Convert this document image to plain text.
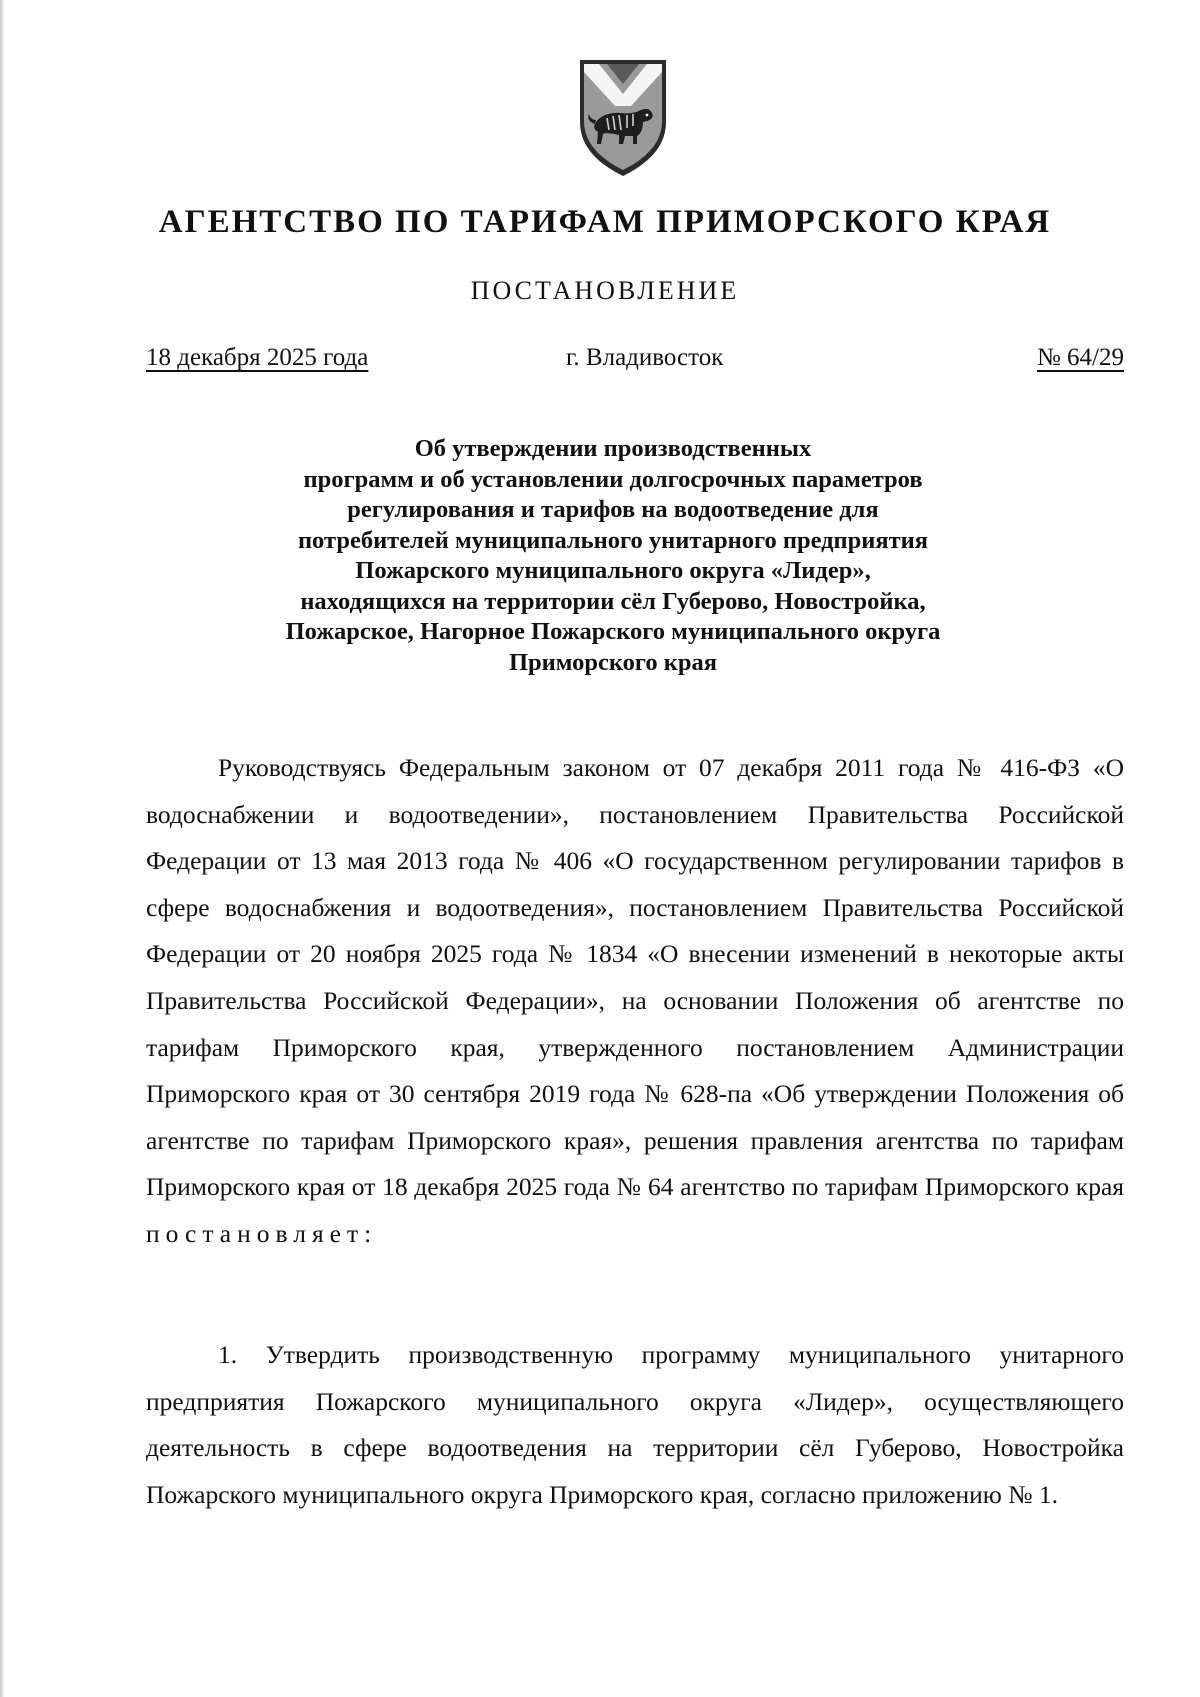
АГЕНТСТВО ПО ТАРИФАМ ПРИМОРСКОГО КРАЯ
ПОСТАНОВЛЕНИЕ
18 декабря 2025 года	г. Владивосток	№ 64/29
Об утверждении производственных
программ и об установлении долгосрочных параметров
регулирования и тарифов на водоотведение для
потребителей муниципального унитарного предприятия
Пожарского муниципального округа «Лидер»,
находящихся на территории сёл Губерово, Новостройка,
Пожарское, Нагорное Пожарского муниципального округа
Приморского края
Руководствуясь Федеральным законом от 07 декабря 2011 года № 416-ФЗ «О водоснабжении и водоотведении», постановлением Правительства Российской Федерации от 13 мая 2013 года № 406 «О государственном регулировании тарифов в сфере водоснабжения и водоотведения», постановлением Правительства Российской Федерации от 20 ноября 2025 года № 1834 «О внесении изменений в некоторые акты Правительства Российской Федерации», на основании Положения об агентстве по тарифам Приморского края, утвержденного постановлением Администрации Приморского края от 30 сентября 2019 года № 628-па «Об утверждении Положения об агентстве по тарифам Приморского края», решения правления агентства по тарифам Приморского края от 18 декабря 2025 года № 64 агентство по тарифам Приморского края постановляет:
1. Утвердить производственную программу муниципального унитарного предприятия Пожарского муниципального округа «Лидер», осуществляющего деятельность в сфере водоотведения на территории сёл Губерово, Новостройка Пожарского муниципального округа Приморского края, согласно приложению № 1.
